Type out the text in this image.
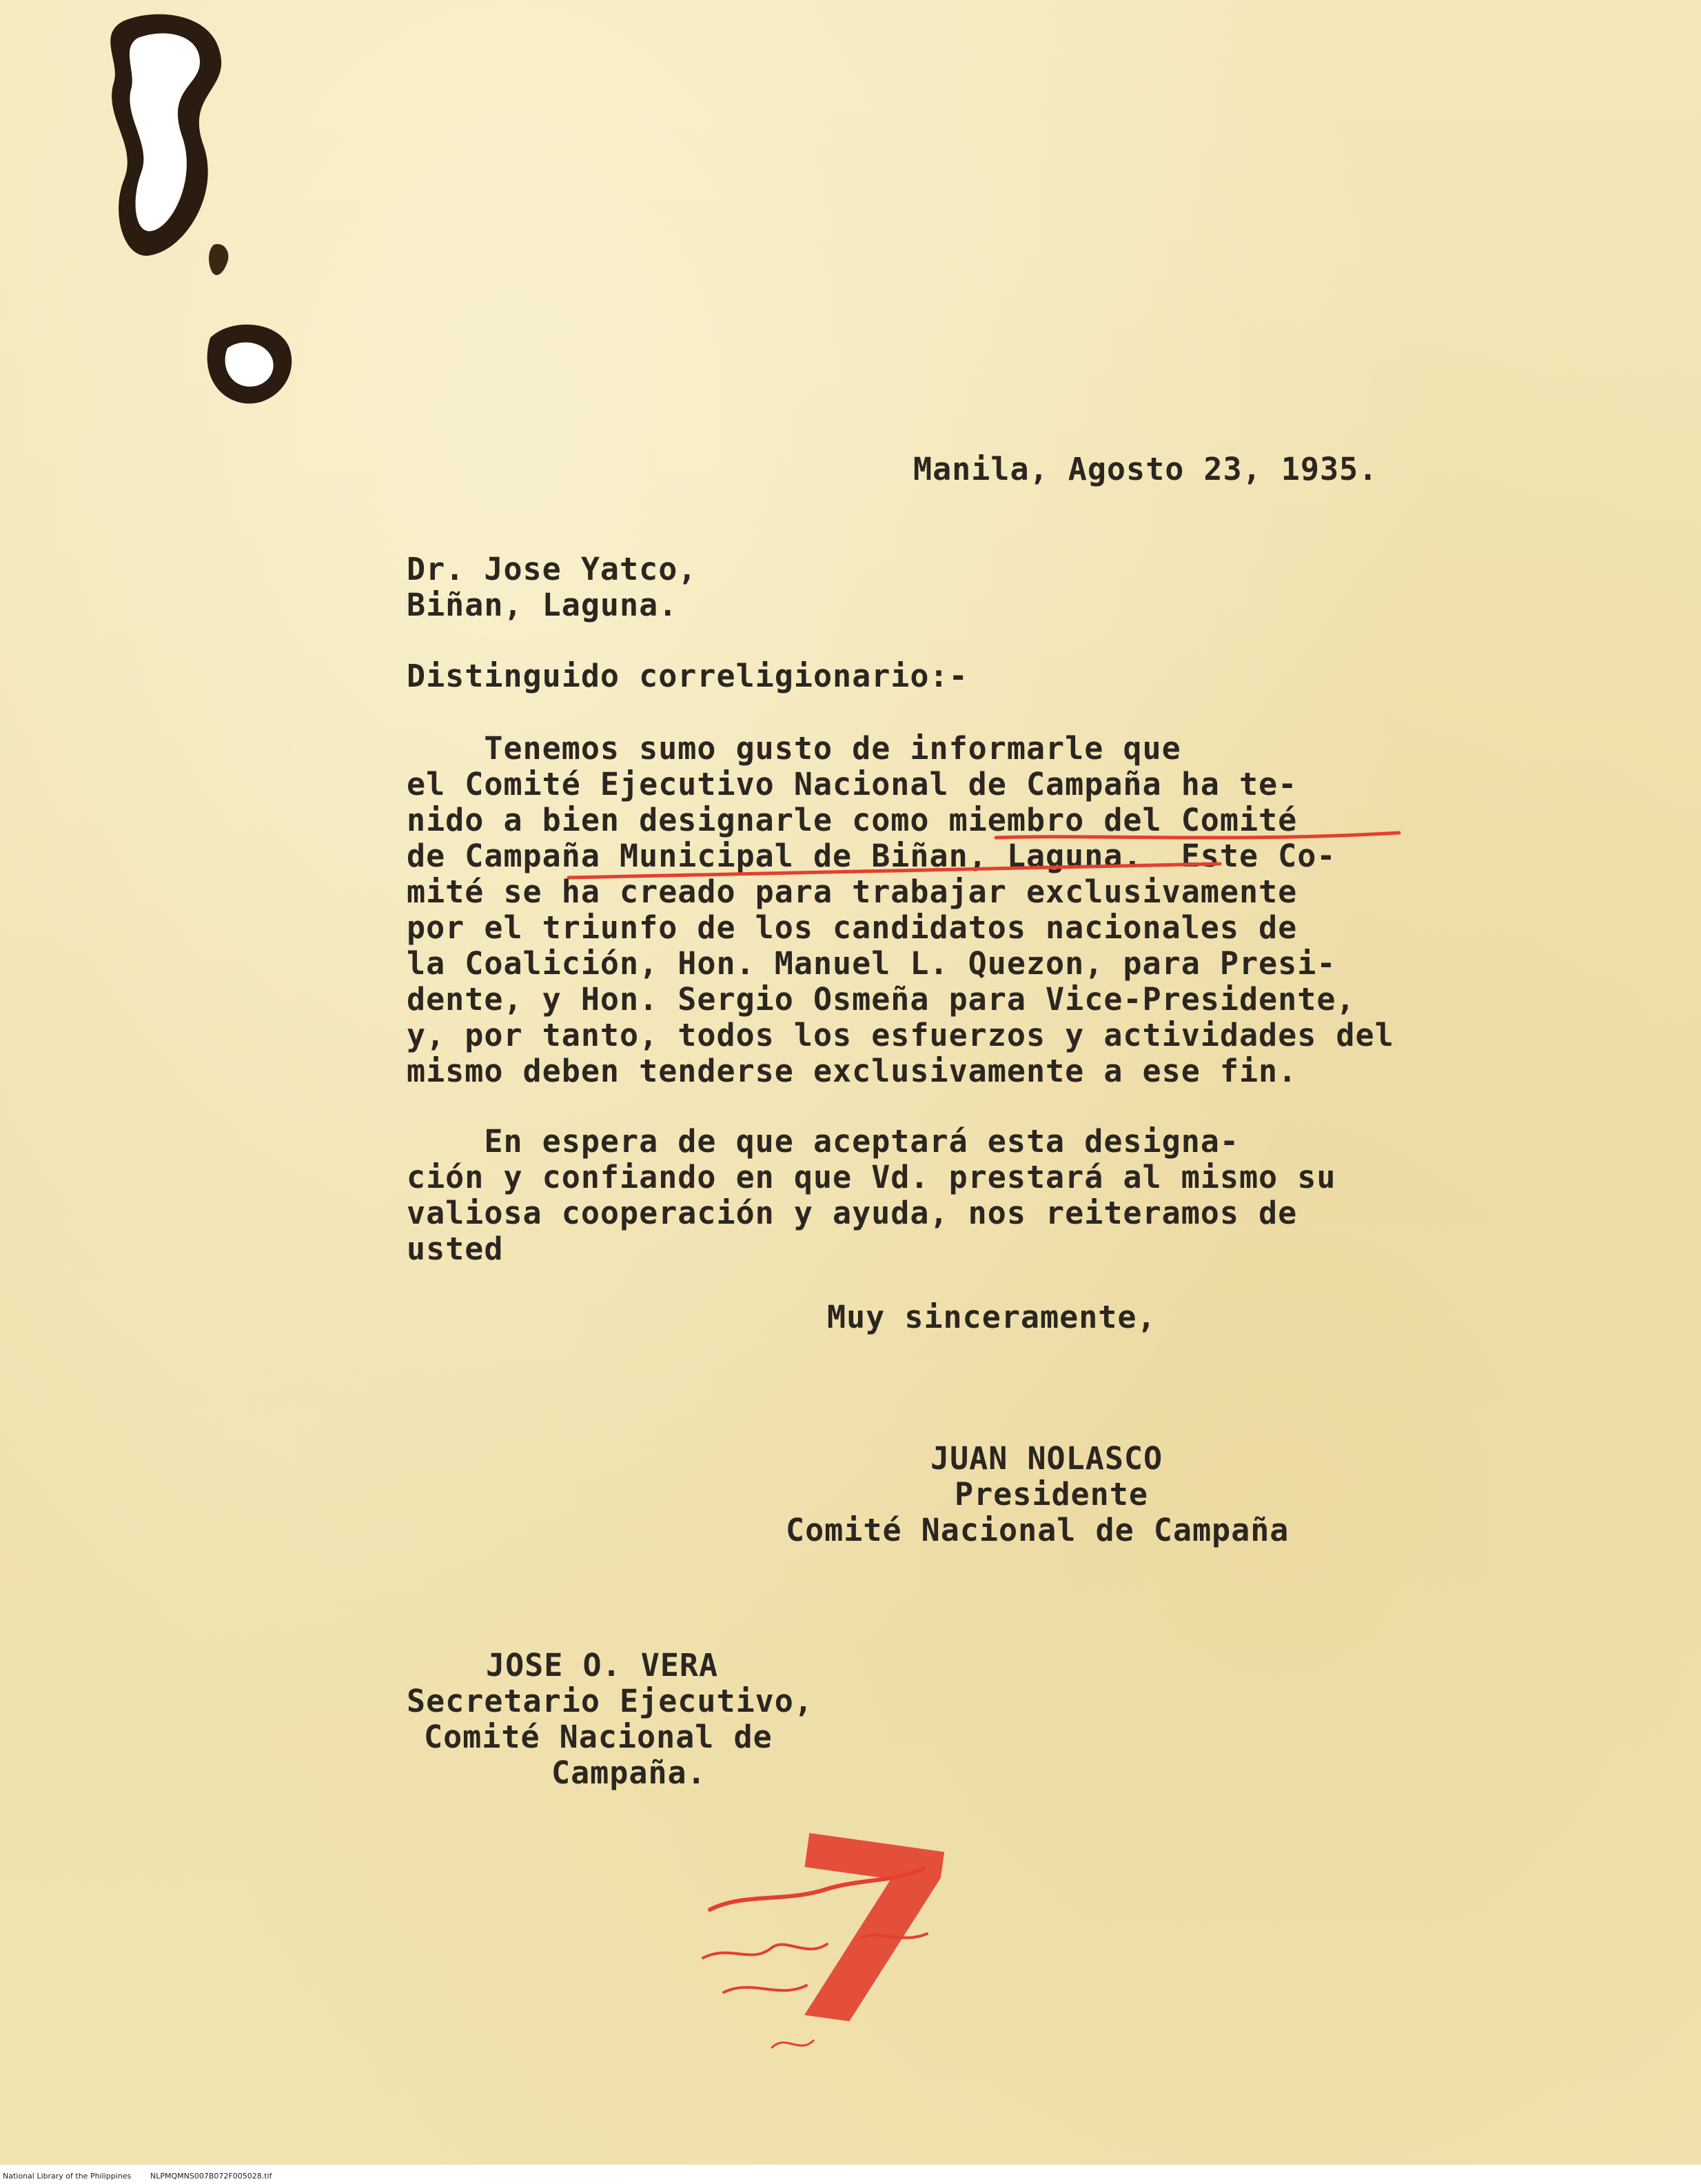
Manila, Agosto 23, 1935.
Dr. Jose Yatco,
Biñan, Laguna.
Distinguido correligionario:-
Tenemos sumo gusto de informarle que
el Comité Ejecutivo Nacional de Campaña ha te-
nido a bien designarle como miembro del Comité
de Campaña Municipal de Biñan, Laguna.  Este Co-
mité se ha creado para trabajar exclusivamente
por el triunfo de los candidatos nacionales de
la Coalición, Hon. Manuel L. Quezon, para Presi-
dente, y Hon. Sergio Osmeña para Vice-Presidente,
y, por tanto, todos los esfuerzos y actividades del
mismo deben tenderse exclusivamente a ese fin.
En espera de que aceptará esta designa-
ción y confiando en que Vd. prestará al mismo su
valiosa cooperación y ayuda, nos reiteramos de
usted
Muy sinceramente,
JUAN NOLASCO
Presidente
Comité Nacional de Campaña
JOSE O. VERA
Secretario Ejecutivo,
Comité Nacional de
Campaña.
7
National Library of the Philippines	NLPMQMNS007B072F005028.tif
